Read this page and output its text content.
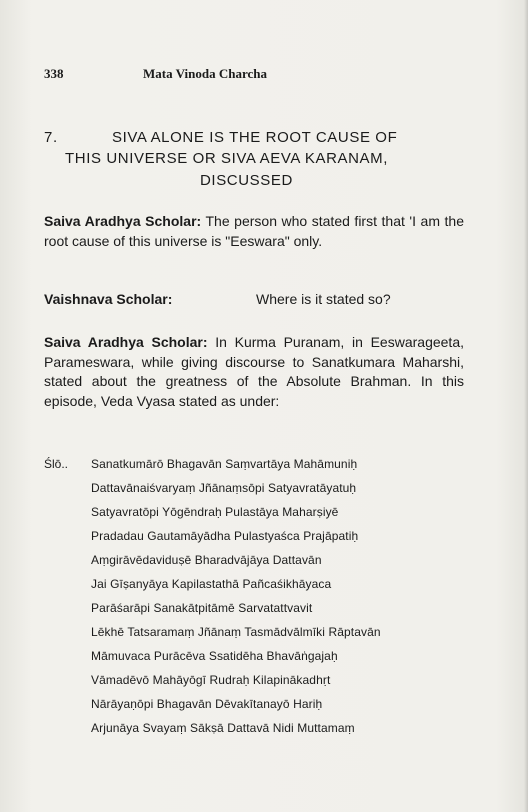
338	Mata Vinoda Charcha
7.	SIVA ALONE IS THE ROOT CAUSE OF
THIS UNIVERSE OR SIVA AEVA KARANAM,
DISCUSSED

Saiva Aradhya Scholar: The person who stated first that 'I am the root cause of this universe is "Eeswara" only.

Vaishnava Scholar:	Where is it stated so?

Saiva Aradhya Scholar: In Kurma Puranam, in Eeswarageeta, Parameswara, while giving discourse to Sanatkumara Maharshi, stated about the greatness of the Absolute Brahman. In this episode, Veda Vyasa stated as under:

Ślō.. Sanatkumārō Bhagavān Saṃvartāya Mahāmuniḥ
Dattavānaiśvaryaṃ Jñānaṃsōpi Satyavratāyatuḥ
Satyavratōpi Yōgēndraḥ Pulastāya Maharṣiyē
Pradadau Gautamāyādha Pulastyaśca Prajāpatiḥ
Aṃgirāvēdaviduṣē Bharadvājāya Dattavān
Jai Gīṣanyāya Kapilastathā Pañcaśikhāyaca
Parāśarāpi Sanakātpitāmē Sarvatattvavit
Lēkhē Tatsaramaṃ Jñānaṃ Tasmādvālmīki Rāptavān
Māmuvaca Purācēva Ssatidēha Bhavāṅgajaḥ
Vāmadēvō Mahāyōgī Rudraḥ Kilapinākadhṛt
Nārāyaṇōpi Bhagavān Dēvakītanayō Hariḥ
Arjunāya Svayaṃ Sākṣā Dattavā Nidi Muttamaṃ
